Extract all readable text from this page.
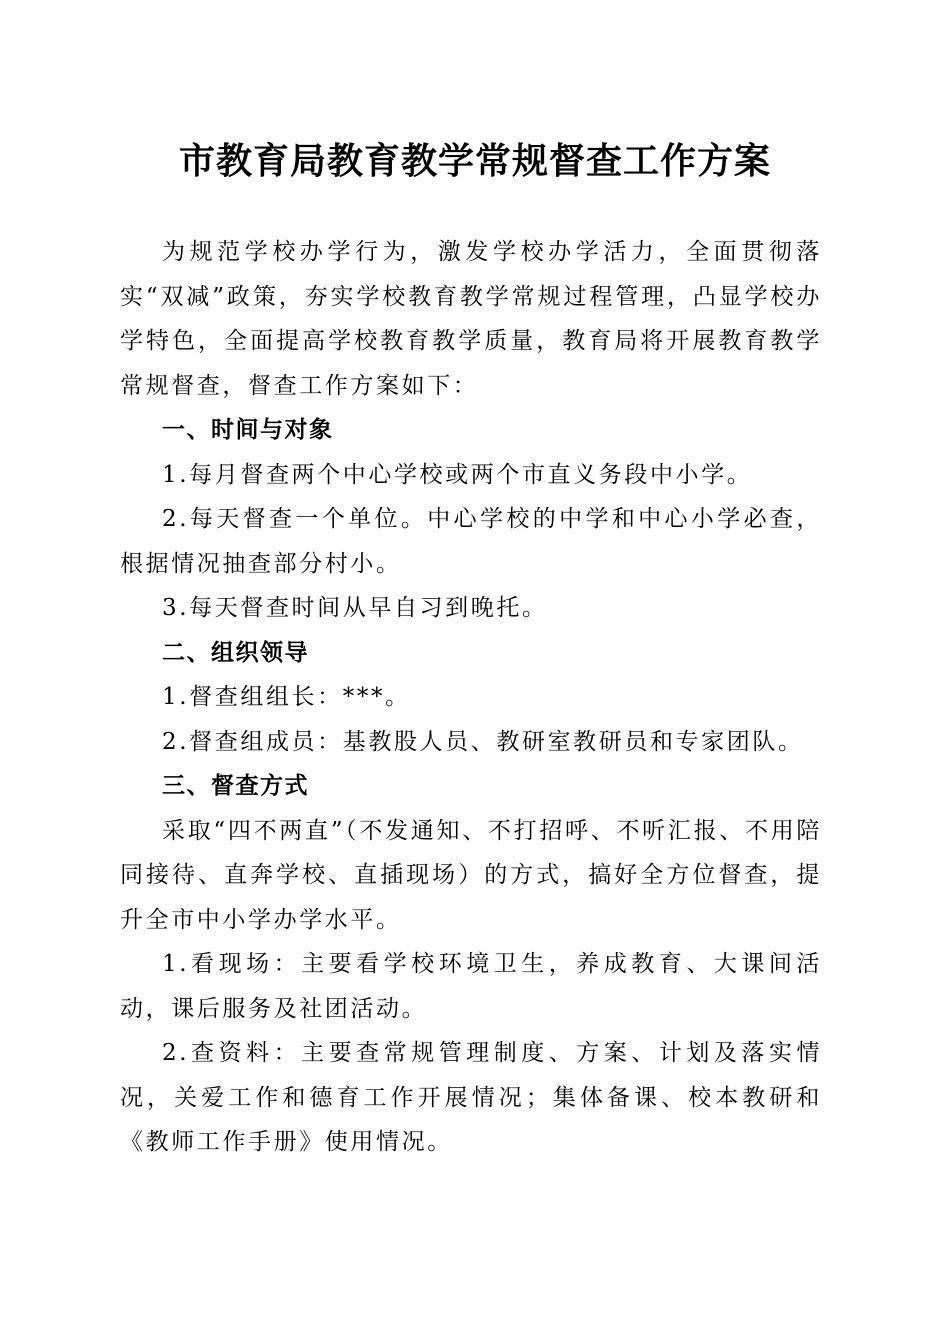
市教育局教育教学常规督查工作方案

为规范学校办学行为，激发学校办学活力，全面贯彻落实“双减”政策，夯实学校教育教学常规过程管理，凸显学校办学特色，全面提高学校教育教学质量，教育局将开展教育教学常规督查，督查工作方案如下：

一、时间与对象

1.每月督查两个中心学校或两个市直义务段中小学。

2.每天督查一个单位。中心学校的中学和中心小学必查，根据情况抽查部分村小。

3.每天督查时间从早自习到晚托。

二、组织领导

1.督查组组长：***。

2.督查组成员：基教股人员、教研室教研员和专家团队。

三、督查方式

采取“四不两直”（不发通知、不打招呼、不听汇报、不用陪同接待、直奔学校、直插现场）的方式，搞好全方位督查，提升全市中小学办学水平。

1.看现场：主要看学校环境卫生，养成教育、大课间活动，课后服务及社团活动。

2.查资料：主要查常规管理制度、方案、计划及落实情况，关爱工作和德育工作开展情况；集体备课、校本教研和《教师工作手册》使用情况。
